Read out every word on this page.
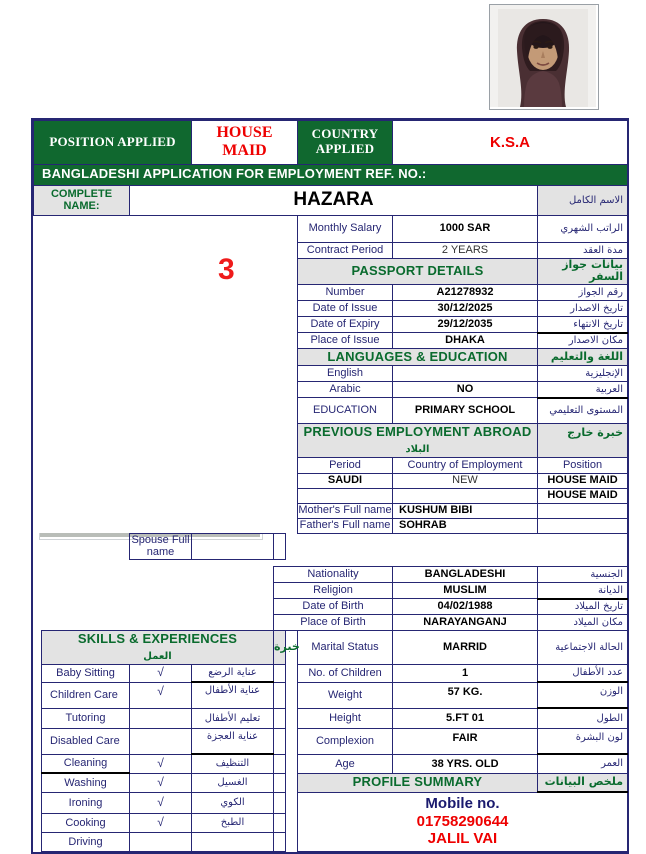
3
POSITION APPLIED			HOUSE MAID			COUNTRY APPLIED	K.S.A	
BANGLADESHI APPLICATION FOR EMPLOYMENT REF. NO.:								
COMPLETE NAME:		HAZARA						الاسم الكامل
						Monthly Salary	1000 SAR	الراتب الشهري
						Contract Period	2 YEARS	مدة العقد
						PASSPORT DETAILS		بيانات جواز السفر
						Number	A21278932	رقم الجواز
						Date of Issue	30/12/2025	تاريخ الاصدار
						Date of Expiry	29/12/2035	تاريخ الانتهاء
						Place of Issue	DHAKA	مكان الاصدار
						LANGUAGES & EDUCATION		اللغة والتعليم
						English		الإنجليزية
						Arabic	NO	العربية
						EDUCATION	PRIMARY SCHOOL	المستوى التعليمي
						PREVIOUS EMPLOYMENT ABROAD
البلاد		خبرة خارج
						Period	Country of Employment	Position
						SAUDI	NEW	HOUSE MAID
								HOUSE MAID
						Mother's Full name	KUSHUM BIBI	
						Father's Full name	SOHRAB	
		Spouse Full name						

				Nationality			BANGLADESHI	الجنسية
				Religion			MUSLIM	الديانة
				Date of Birth			04/02/1988	تاريخ الميلاد
				Place of Birth			NARAYANGANJ	مكان الميلاد
	SKILLS & EXPERIENCES
العمل			خبرة		Marital Status	MARRID	الحالة الاجتماعية
	Baby Sitting	√	عناية الرضع			No. of Children	1	عدد الأطفال
	Children Care	√	عناية الأطفال			Weight	57 KG.	الوزن
	Tutoring		تعليم الأطفال			Height	5.FT 01	الطول
	Disabled Care		عناية العجزة			Complexion	FAIR	لون البشرة
	Cleaning	√	التنظيف			Age	38 YRS. OLD	العمر
	Washing	√	الغسيل			PROFILE SUMMARY		ملخص البيانات
	Ironing	√	الكوي			Mobile no.
01758290644
JALIL VAI		

	Cooking	√	الطبخ					
	Driving							
